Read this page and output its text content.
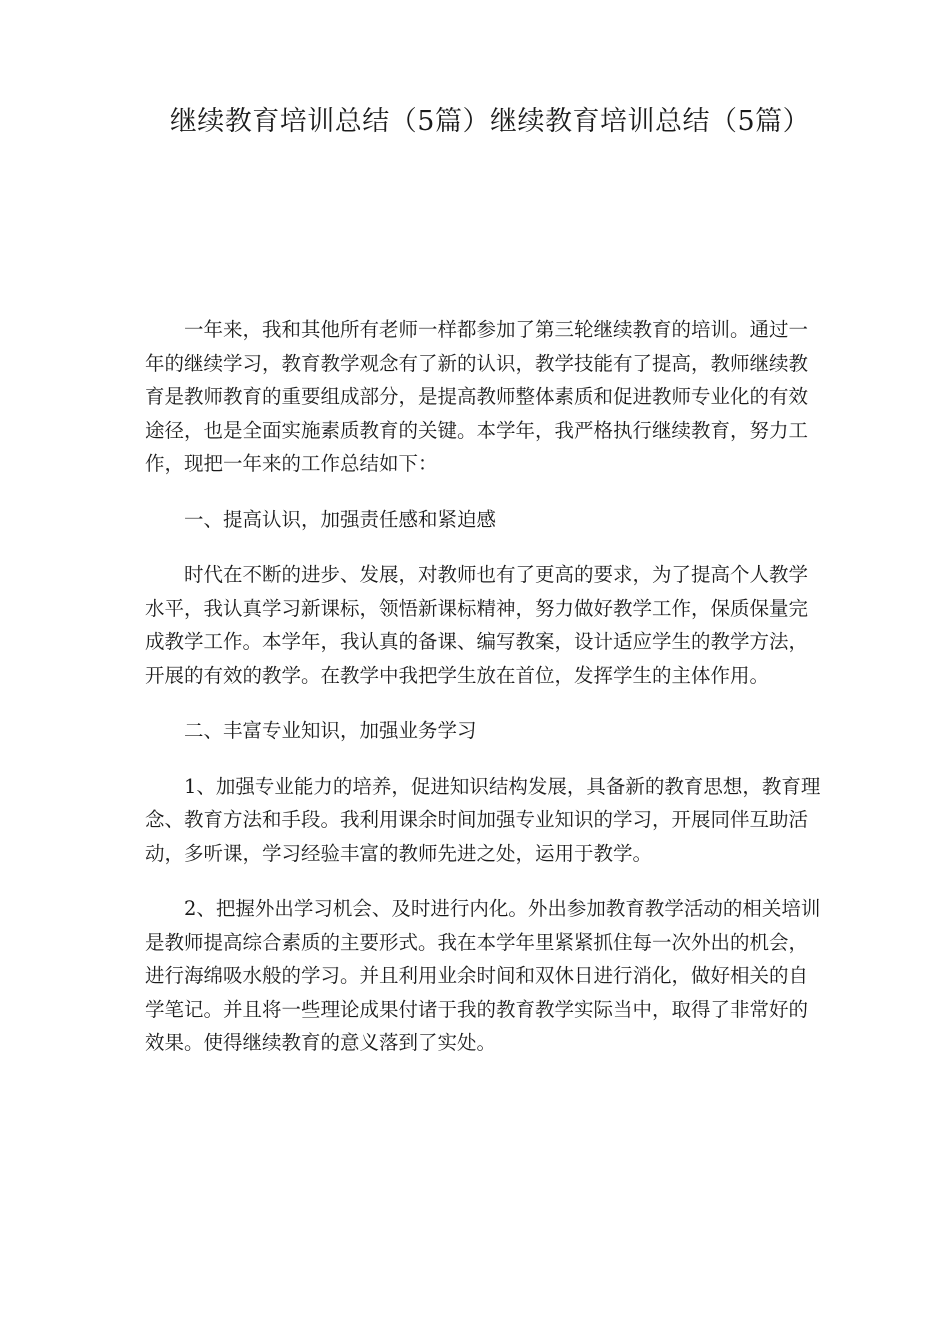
继续教育培训总结（5篇）继续教育培训总结（5篇）

一年来，我和其他所有老师一样都参加了第三轮继续教育的培训。通过一年的继续学习，教育教学观念有了新的认识，教学技能有了提高，教师继续教育是教师教育的重要组成部分，是提高教师整体素质和促进教师专业化的有效途径，也是全面实施素质教育的关键。本学年，我严格执行继续教育，努力工作，现把一年来的工作总结如下：

一、提高认识，加强责任感和紧迫感

时代在不断的进步、发展，对教师也有了更高的要求，为了提高个人教学水平，我认真学习新课标，领悟新课标精神，努力做好教学工作，保质保量完成教学工作。本学年，我认真的备课、编写教案，设计适应学生的教学方法，开展的有效的教学。在教学中我把学生放在首位，发挥学生的主体作用。

二、丰富专业知识，加强业务学习

1、加强专业能力的培养，促进知识结构发展，具备新的教育思想，教育理念、教育方法和手段。我利用课余时间加强专业知识的学习，开展同伴互助活动，多听课，学习经验丰富的教师先进之处，运用于教学。

2、把握外出学习机会、及时进行内化。外出参加教育教学活动的相关培训是教师提高综合素质的主要形式。我在本学年里紧紧抓住每一次外出的机会，进行海绵吸水般的学习。并且利用业余时间和双休日进行消化，做好相关的自学笔记。并且将一些理论成果付诸于我的教育教学实际当中，取得了非常好的效果。使得继续教育的意义落到了实处。
